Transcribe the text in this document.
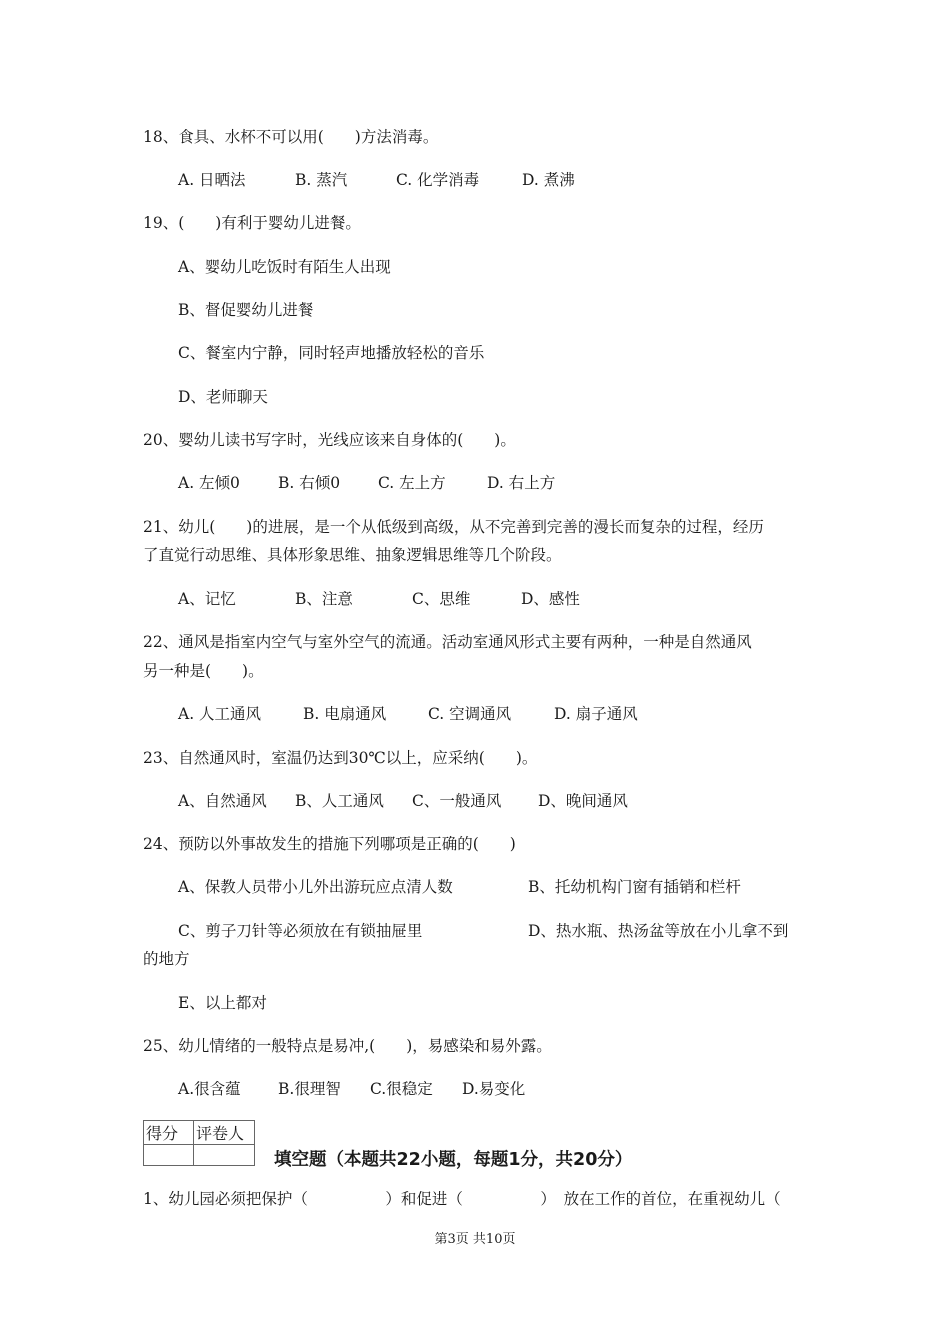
18、食具、水杯不可以用(　　)方法消毒。
A. 日晒法	B. 蒸汽	C. 化学消毒	D. 煮沸
19、(　　)有利于婴幼儿进餐。
A、婴幼儿吃饭时有陌生人出现
B、督促婴幼儿进餐
C、餐室内宁静，同时轻声地播放轻松的音乐
D、老师聊天
20、婴幼儿读书写字时，光线应该来自身体的(　　)。
A. 左倾0 B. 右倾0 C. 左上方	D. 右上方
21、幼儿(　　)的进展，是一个从低级到高级，从不完善到完善的漫长而复杂的过程，经历
了直觉行动思维、具体形象思维、抽象逻辑思维等几个阶段。
A、记忆	B、注意	C、思维	D、感性
22、通风是指室内空气与室外空气的流通。活动室通风形式主要有两种，一种是自然通风
另一种是(　　)。
A. 人工通风	B. 电扇通风	C. 空调通风	D. 扇子通风
23、自然通风时，室温仍达到30℃以上，应采纳(　　)。
A、自然通风 B、人工通风 C、一般通风 D、晚间通风
24、预防以外事故发生的措施下列哪项是正确的(　　)
A、保教人员带小儿外出游玩应点清人数	B、托幼机构门窗有插销和栏杆
C、剪子刀针等必须放在有锁抽屉里	D、热水瓶、热汤盆等放在小儿拿不到
的地方
E、以上都对
25、幼儿情绪的一般特点是易冲,(　　)，易感染和易外露。
A.很含蕴 B.很理智 C.很稳定 D.易变化
得分	评卷人

填空题（本题共22小题，每题1分，共20分）
1、幼儿园必须把保护（　　　　　）和促进（　　　　　）　放在工作的首位，在重视幼儿（
第3页 共10页
